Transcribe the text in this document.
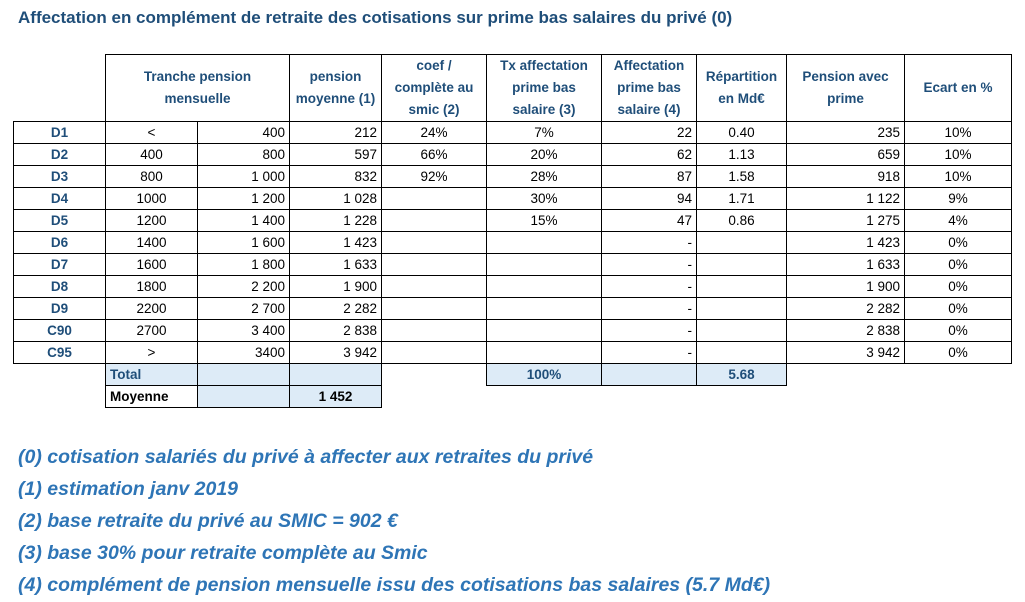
Affectation en complément de retraite des cotisations sur prime bas salaires du privé (0)
	Tranche pension mensuelle		pension moyenne (1)	coef / complète au smic (2)	Tx affectation prime bas salaire (3)	Affectation prime bas salaire (4)	Répartition en Md€	Pension avec prime	Ecart en %
D1	<	400	212	24%	7%	22	0.40	235	10%
D2	400	800	597	66%	20%	62	1.13	659	10%
D3	800	1 000	832	92%	28%	87	1.58	918	10%
D4	1000	1 200	1 028		30%	94	1.71	1 122	9%
D5	1200	1 400	1 228		15%	47	0.86	1 275	4%
D6	1400	1 600	1 423			-		1 423	0%
D7	1600	1 800	1 633			-		1 633	0%
D8	1800	2 200	1 900			-		1 900	0%
D9	2200	2 700	2 282			-		2 282	0%
C90	2700	3 400	2 838			-		2 838	0%
C95	>	3400	3 942			-		3 942	0%
	Total				100%		5.68		
	Moyenne		1 452						
(0) cotisation salariés du privé à affecter aux retraites du privé
(1) estimation janv 2019
(2) base retraite du privé au SMIC = 902 €
(3) base 30% pour retraite complète au Smic
(4) complément de pension mensuelle issu des cotisations bas salaires (5.7 Md€)
